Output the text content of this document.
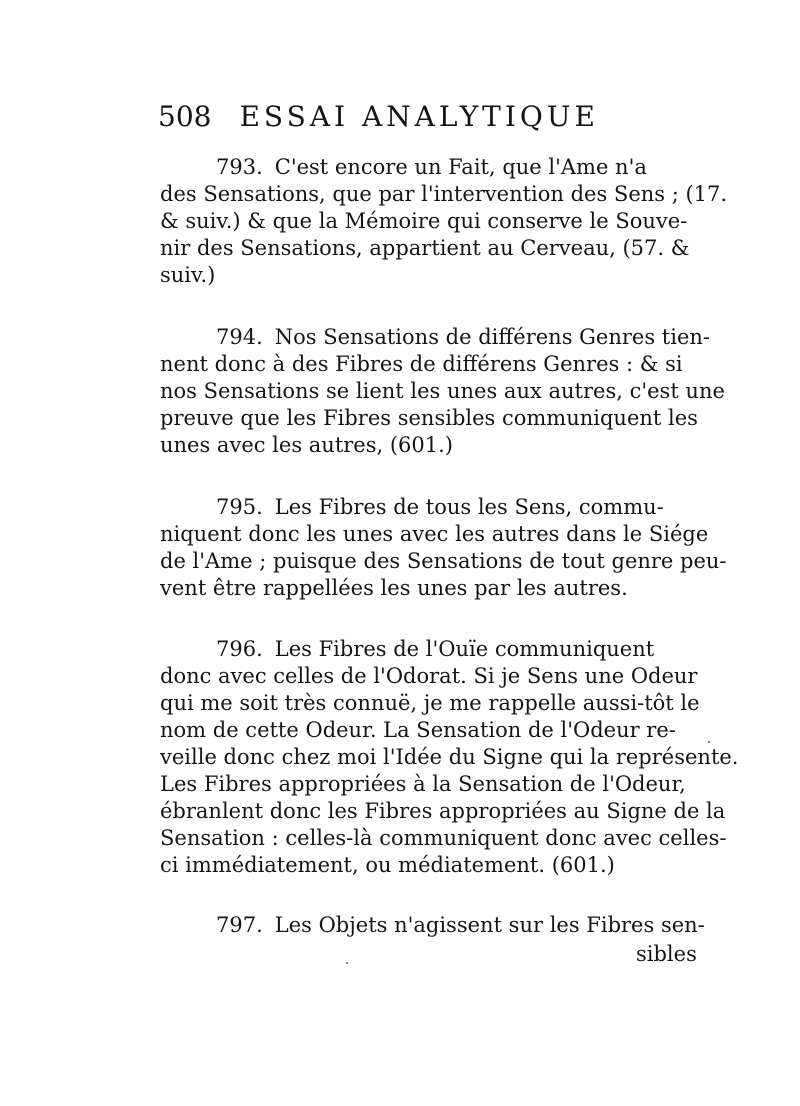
508 ESSAI ANALYTIQUE
793. C'est encore un Fait, que l'Ame n'a
des Sensations, que par l'intervention des Sens ; (17.
& suiv.) & que la Mémoire qui conserve le Souve-
nir des Sensations, appartient au Cerveau, (57. &
suiv.)
794. Nos Sensations de différens Genres tien-
nent donc à des Fibres de différens Genres : & si
nos Sensations se lient les unes aux autres, c'est une
preuve que les Fibres sensibles communiquent les
unes avec les autres, (601.)
795. Les Fibres de tous les Sens, commu-
niquent donc les unes avec les autres dans le Siége
de l'Ame ; puisque des Sensations de tout genre peu-
vent être rappellées les unes par les autres.
796. Les Fibres de l'Ouïe communiquent
donc avec celles de l'Odorat. Si je Sens une Odeur
qui me soit très connuë, je me rappelle aussi-tôt le
nom de cette Odeur. La Sensation de l'Odeur re-
veille donc chez moi l'Idée du Signe qui la représente.
Les Fibres appropriées à la Sensation de l'Odeur,
ébranlent donc les Fibres appropriées au Signe de la
Sensation : celles-là communiquent donc avec celles-
ci immédiatement, ou médiatement. (601.)
797. Les Objets n'agissent sur les Fibres sen-
sibles
